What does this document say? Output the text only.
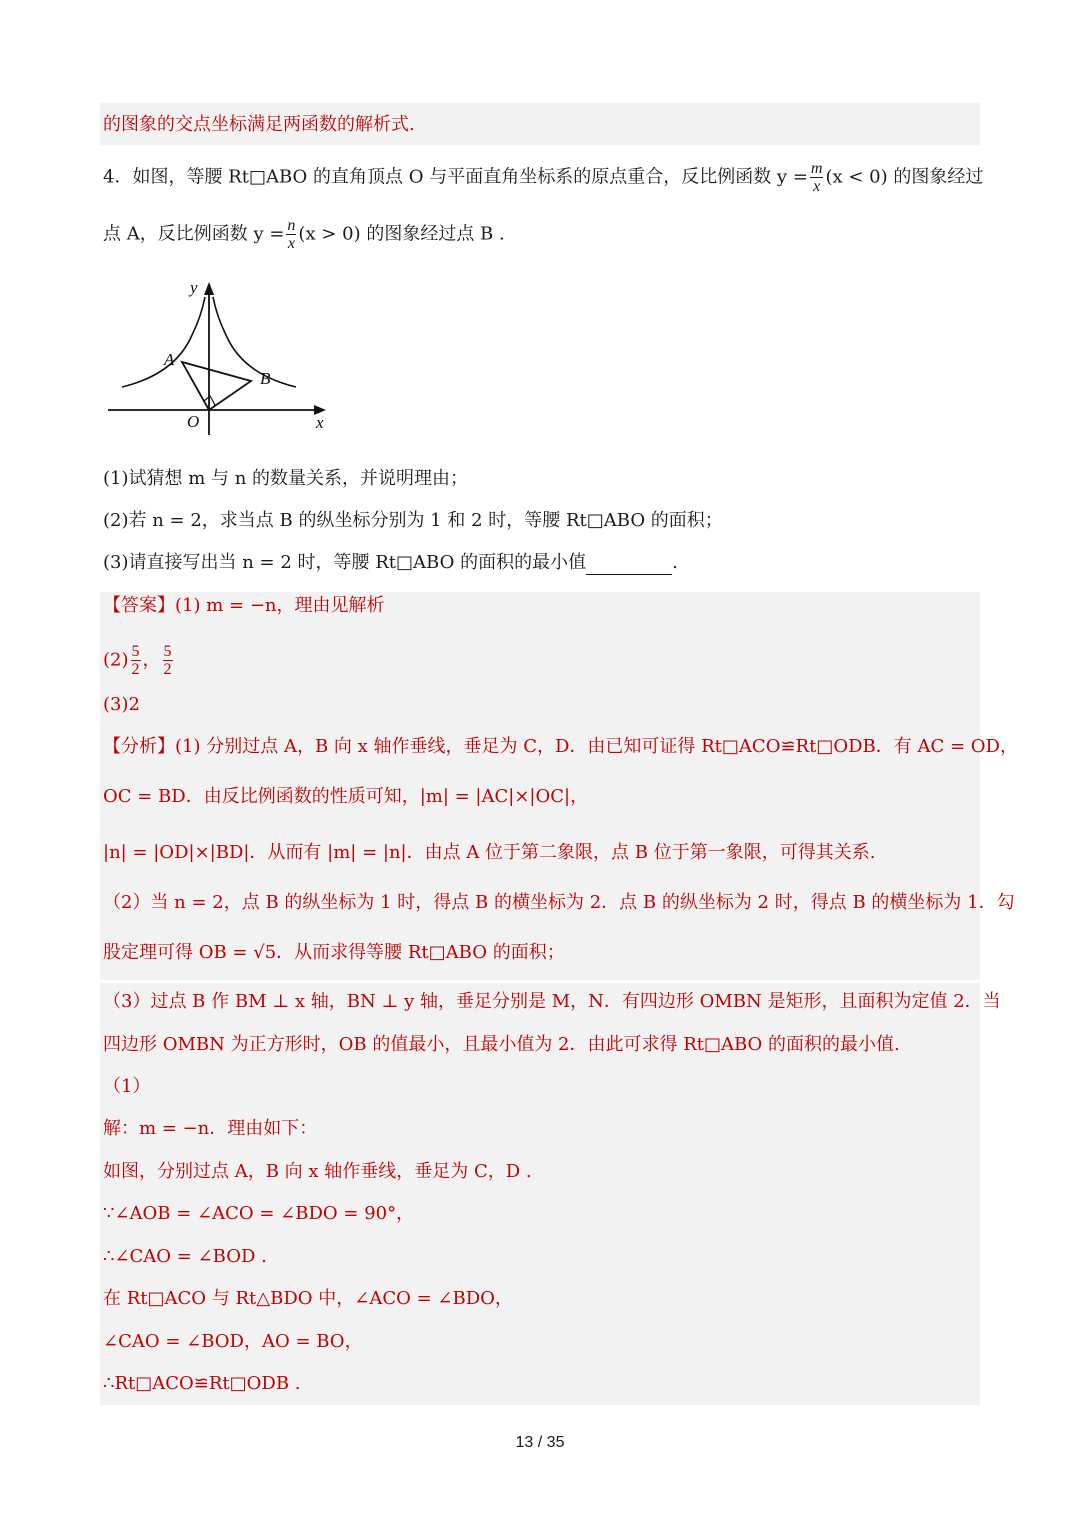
的图象的交点坐标满足两函数的解析式.
4．如图，等腰 Rt□ABO 的直角顶点 O 与平面直角坐标系的原点重合，反比例函数 $y = \frac{m}{x} (x < 0)$ 的图象经过
点 A，反比例函数 $y = \frac{n}{x} (x > 0)$ 的图象经过点 B .
y
A
B
O	x
(1)试猜想 m 与 n 的数量关系，并说明理由；
(2)若 n = 2，求当点 B 的纵坐标分别为 1 和 2 时，等腰 Rt□ABO 的面积；
(3)请直接写出当 n = 2 时，等腰 Rt□ABO 的面积的最小值	.
【答案】(1) m = −n，理由见解析
$(2) \frac{5}{2}$ ， $\frac{5}{2}$
(3)2
【分析】(1) 分别过点 A，B 向 x 轴作垂线，垂足为 C，D．由已知可证得 Rt□ACO≌Rt□ODB．有 AC = OD，
OC = BD．由反比例函数的性质可知，|m| = |AC|×|OC|，
|n| = |OD|×|BD|．从而有 |m| = |n|．由点 A 位于第二象限，点 B 位于第一象限，可得其关系.
（2）当 n = 2，点 B 的纵坐标为 1 时，得点 B 的横坐标为 2．点 B 的纵坐标为 2 时，得点 B 的横坐标为 1．勾
股定理可得 OB = √5．从而求得等腰 Rt□ABO 的面积；
（3）过点 B 作 BM ⊥ x 轴，BN ⊥ y 轴，垂足分别是 M，N．有四边形 OMBN 是矩形，且面积为定值 2．当
四边形 OMBN 为正方形时，OB 的值最小，且最小值为 2．由此可求得 Rt□ABO 的面积的最小值.
（1）
解：m = −n．理由如下：
如图，分别过点 A，B 向 x 轴作垂线，垂足为 C，D .
∵∠AOB = ∠ACO = ∠BDO = 90°，
∴∠CAO = ∠BOD .
在 Rt□ACO 与 Rt△BDO 中，∠ACO = ∠BDO，
∠CAO = ∠BOD，AO = BO，
∴Rt□ACO≌Rt□ODB .
13 / 35
